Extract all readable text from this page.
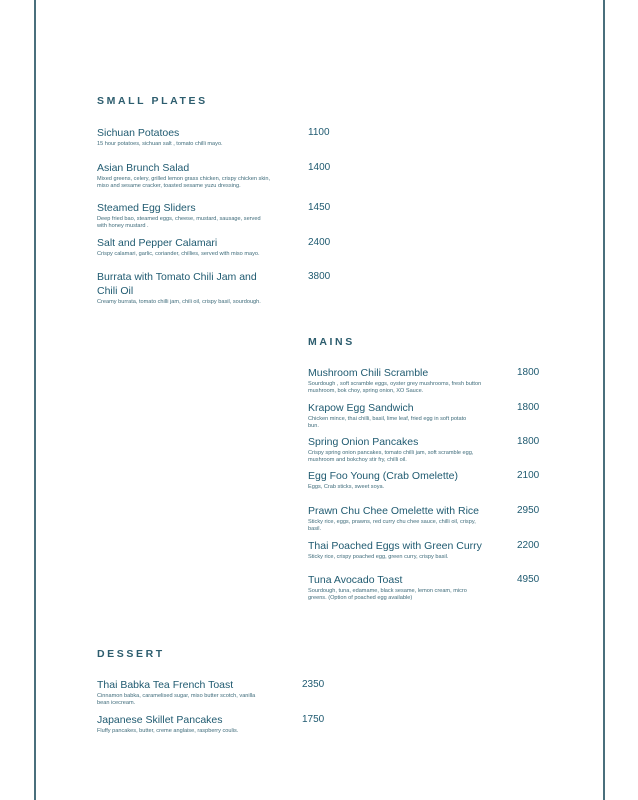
SMALL PLATES
Sichuan Potatoes
15 hour potatoes, sichuan salt , tomato chilli mayo.
1100
Asian Brunch Salad
Mixed greens, celery, grilled lemon grass chicken, crispy chicken skin, miso and sesame cracker, toasted sesame yuzu dressing.
1400
Steamed Egg Sliders
Deep fried bao, steamed eggs, cheese, mustard, sausage, served with honey mustard .
1450
Salt and Pepper Calamari
Crispy calamari, garlic, coriander, chillies, served with miso mayo.
2400
Burrata with Tomato Chili Jam and Chili Oil
Creamy burrata, tomato chilli jam, chili oil, crispy basil, sourdough.
3800
MAINS
Mushroom Chili Scramble
Sourdough , soft scramble eggs, oyster grey mushrooms, fresh button mushroom, bok choy, spring onion, XO Sauce.
1800
Krapow Egg Sandwich
Chicken mince, thai chilli, basil, lime leaf, fried egg in soft potato bun.
1800
Spring Onion Pancakes
Crispy spring onion pancakes, tomato chilli jam, soft scramble egg, mushroom and bokchoy stir fry, chilli oil.
1800
Egg Foo Young (Crab Omelette)
Eggs, Crab sticks, sweet soya.
2100
Prawn Chu Chee Omelette with Rice
Sticky rice, eggs, prawns, red curry chu chee sauce, chilli oil, crispy, basil.
2950
Thai Poached Eggs with Green Curry
Sticky rice, crispy poached egg, green curry, crispy basil.
2200
Tuna Avocado Toast
Sourdough, tuna, edamame, black sesame, lemon cream, micro greens. (Option of poached egg available)
4950
DESSERT
Thai Babka Tea French Toast
Cinnamon babka, caramelised sugar, miso butter scotch, vanilla bean icecream.
2350
Japanese Skillet Pancakes
Fluffy pancakes, butter, creme anglaise, raspberry coulis.
1750
